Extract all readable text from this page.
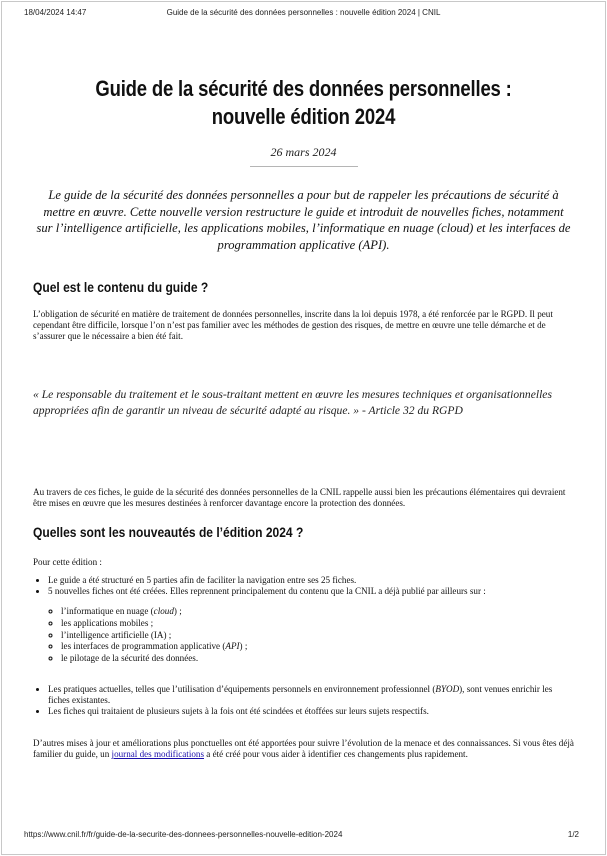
18/04/2024 14:47	Guide de la sécurité des données personnelles : nouvelle édition 2024 | CNIL
Guide de la sécurité des données personnelles : nouvelle édition 2024
26 mars 2024

Le guide de la sécurité des données personnelles a pour but de rappeler les précautions de sécurité à mettre en œuvre. Cette nouvelle version restructure le guide et introduit de nouvelles fiches, notamment sur l’intelligence artificielle, les applications mobiles, l’informatique en nuage (cloud) et les interfaces de programmation applicative (API).

Quel est le contenu du guide ?

L’obligation de sécurité en matière de traitement de données personnelles, inscrite dans la loi depuis 1978, a été renforcée par le RGPD. Il peut cependant être difficile, lorsque l’on n’est pas familier avec les méthodes de gestion des risques, de mettre en œuvre une telle démarche et de s’assurer que le nécessaire a bien été fait.

« Le responsable du traitement et le sous-traitant mettent en œuvre les mesures techniques et organisationnelles appropriées afin de garantir un niveau de sécurité adapté au risque. » - Article 32 du RGPD

Au travers de ces fiches, le guide de la sécurité des données personnelles de la CNIL rappelle aussi bien les précautions élémentaires qui devraient être mises en œuvre que les mesures destinées à renforcer davantage encore la protection des données.

Quelles sont les nouveautés de l’édition 2024 ?

Pour cette édition :

• Le guide a été structuré en 5 parties afin de faciliter la navigation entre ses 25 fiches.
• 5 nouvelles fiches ont été créées. Elles reprennent principalement du contenu que la CNIL a déjà publié par ailleurs sur :
◦ l’informatique en nuage (cloud) ;
◦ les applications mobiles ;
◦ l’intelligence artificielle (IA) ;
◦ les interfaces de programmation applicative (API) ;
◦ le pilotage de la sécurité des données.
• Les pratiques actuelles, telles que l’utilisation d’équipements personnels en environnement professionnel (BYOD), sont venues enrichir les fiches existantes.
• Les fiches qui traitaient de plusieurs sujets à la fois ont été scindées et étoffées sur leurs sujets respectifs.

D’autres mises à jour et améliorations plus ponctuelles ont été apportées pour suivre l’évolution de la menace et des connaissances. Si vous êtes déjà familier du guide, un journal des modifications a été créé pour vous aider à identifier ces changements plus rapidement.

https://www.cnil.fr/fr/guide-de-la-securite-des-donnees-personnelles-nouvelle-edition-2024	1/2
